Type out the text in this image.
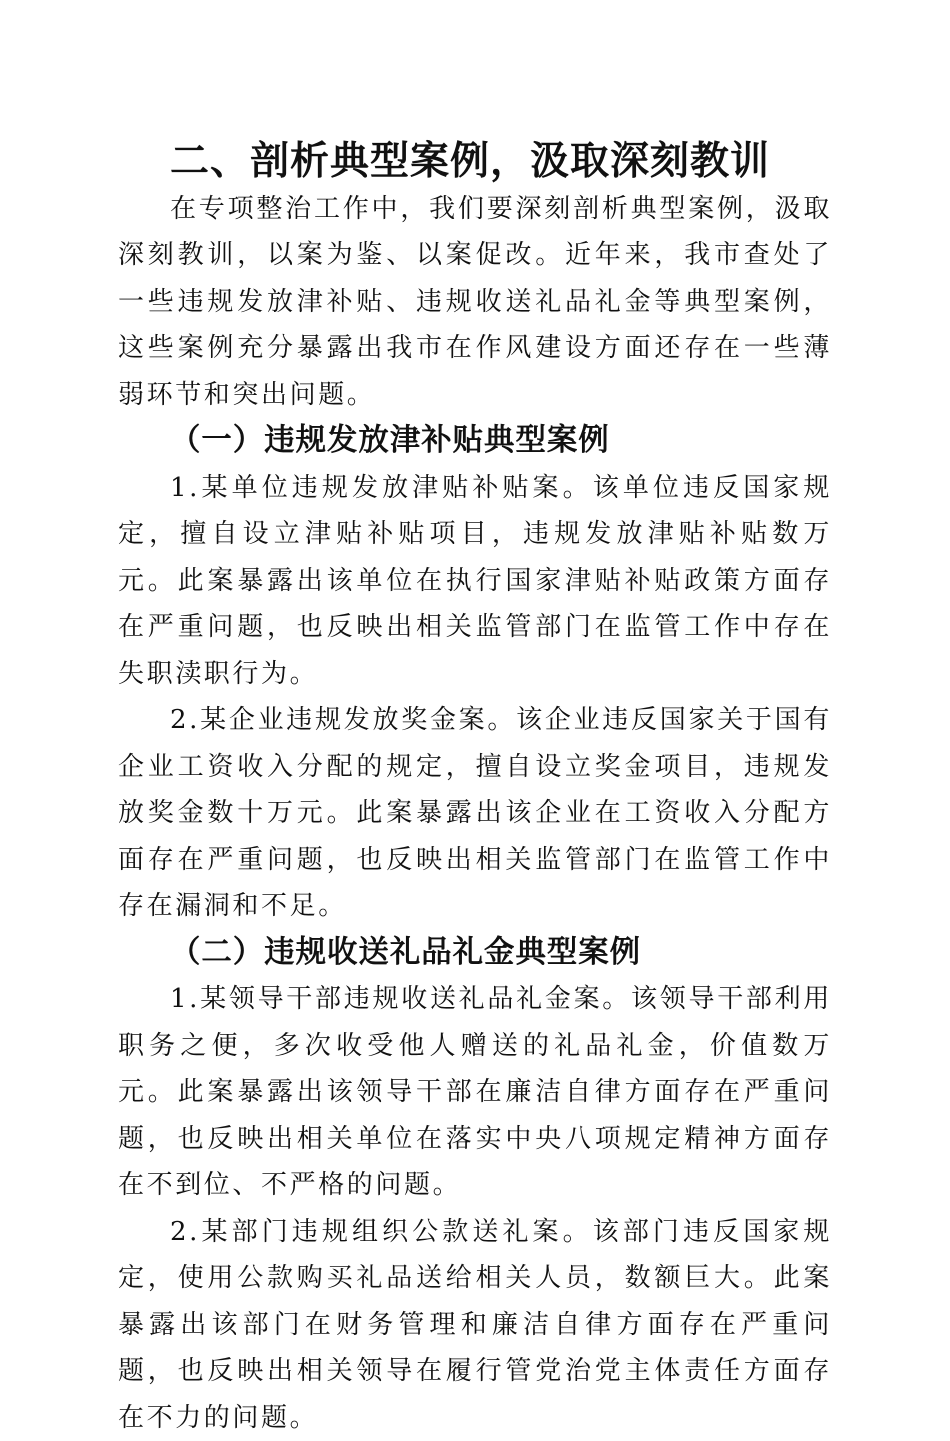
二、剖析典型案例，汲取深刻教训

在专项整治工作中，我们要深刻剖析典型案例，汲取深刻教训，以案为鉴、以案促改。近年来，我市查处了一些违规发放津补贴、违规收送礼品礼金等典型案例，这些案例充分暴露出我市在作风建设方面还存在一些薄弱环节和突出问题。

（一）违规发放津补贴典型案例

1.某单位违规发放津贴补贴案。该单位违反国家规定，擅自设立津贴补贴项目，违规发放津贴补贴数万元。此案暴露出该单位在执行国家津贴补贴政策方面存在严重问题，也反映出相关监管部门在监管工作中存在失职渎职行为。

2.某企业违规发放奖金案。该企业违反国家关于国有企业工资收入分配的规定，擅自设立奖金项目，违规发放奖金数十万元。此案暴露出该企业在工资收入分配方面存在严重问题，也反映出相关监管部门在监管工作中存在漏洞和不足。

（二）违规收送礼品礼金典型案例

1.某领导干部违规收送礼品礼金案。该领导干部利用职务之便，多次收受他人赠送的礼品礼金，价值数万元。此案暴露出该领导干部在廉洁自律方面存在严重问题，也反映出相关单位在落实中央八项规定精神方面存在不到位、不严格的问题。

2.某部门违规组织公款送礼案。该部门违反国家规定，使用公款购买礼品送给相关人员，数额巨大。此案暴露出该部门在财务管理和廉洁自律方面存在严重问题，也反映出相关领导在履行管党治党主体责任方面存在不力的问题。
